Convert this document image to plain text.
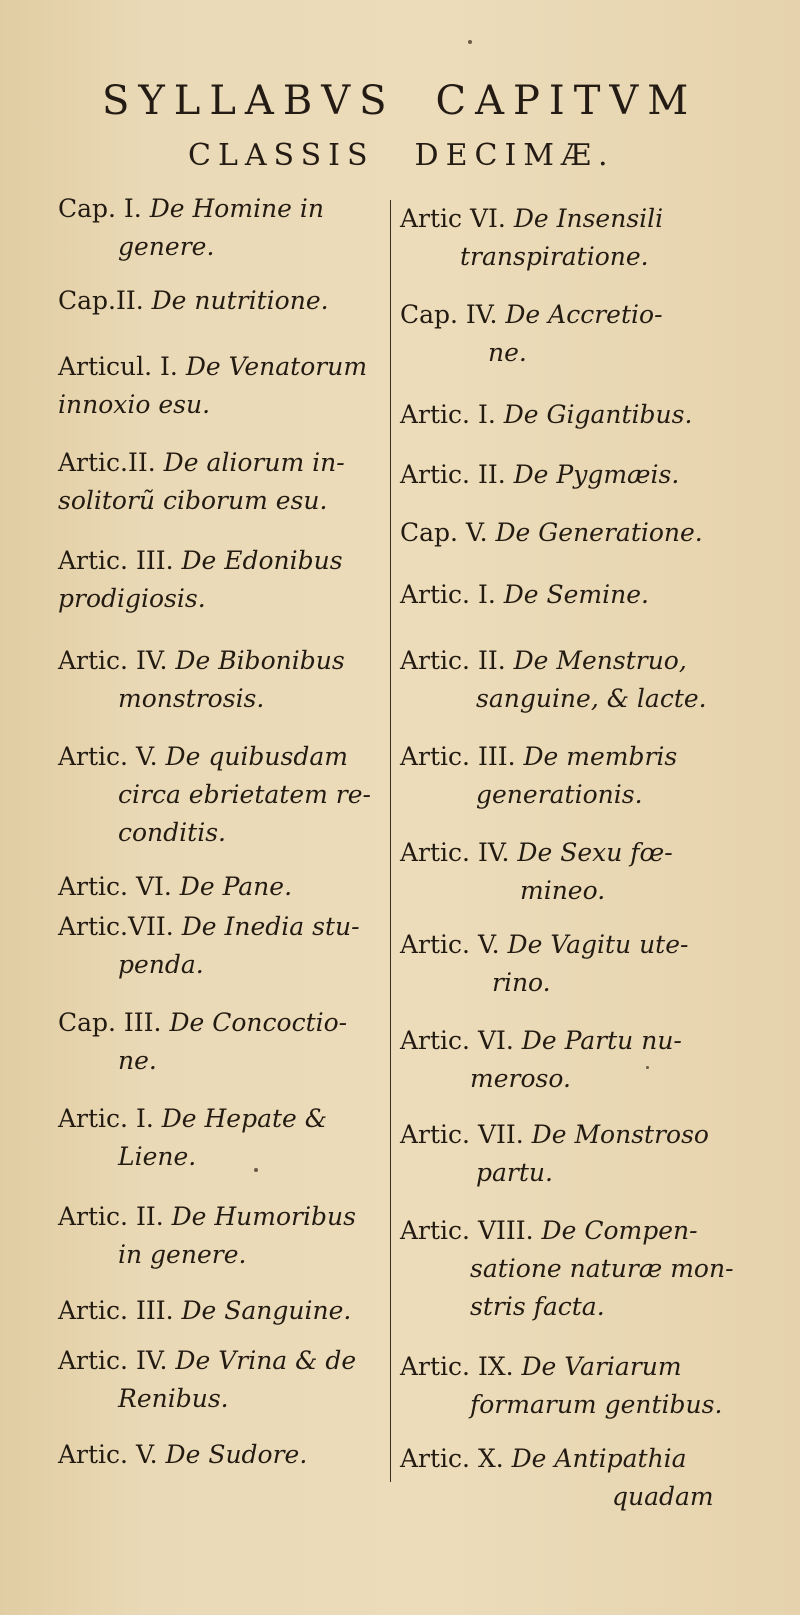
SYLLABVS CAPITVM
CLASSIS DECIMÆ.
Cap. I. De Homine in
genere.
Cap.II. De nutritione.
Articul. I. De Venatorum
innoxio esu.
Artic.II. De aliorum in-
solitorũ ciborum esu.
Artic. III. De Edonibus
prodigiosis.
Artic. IV. De Bibonibus
monstrosis.
Artic. V. De quibusdam
circa ebrietatem re-
conditis.
Artic. VI. De Pane.
Artic.VII. De Inedia stu-
penda.
Cap. III. De Concoctio-
ne.
Artic. I. De Hepate &
Liene.
Artic. II. De Humoribus
in genere.
Artic. III. De Sanguine.
Artic. IV. De Vrina & de
Renibus.
Artic. V. De Sudore.
Artic VI. De Insensili
transpiratione.
Cap. IV. De Accretio-
ne.
Artic. I. De Gigantibus.
Artic. II. De Pygmæis.
Cap. V. De Generatione.
Artic. I. De Semine.
Artic. II. De Menstruo,
sanguine, & lacte.
Artic. III. De membris
generationis.
Artic. IV. De Sexu fœ-
mineo.
Artic. V. De Vagitu ute-
rino.
Artic. VI. De Partu nu-
meroso.
Artic. VII. De Monstroso
partu.
Artic. VIII. De Compen-
satione naturæ mon-
stris facta.
Artic. IX. De Variarum
formarum gentibus.
Artic. X. De Antipathia
quadam
